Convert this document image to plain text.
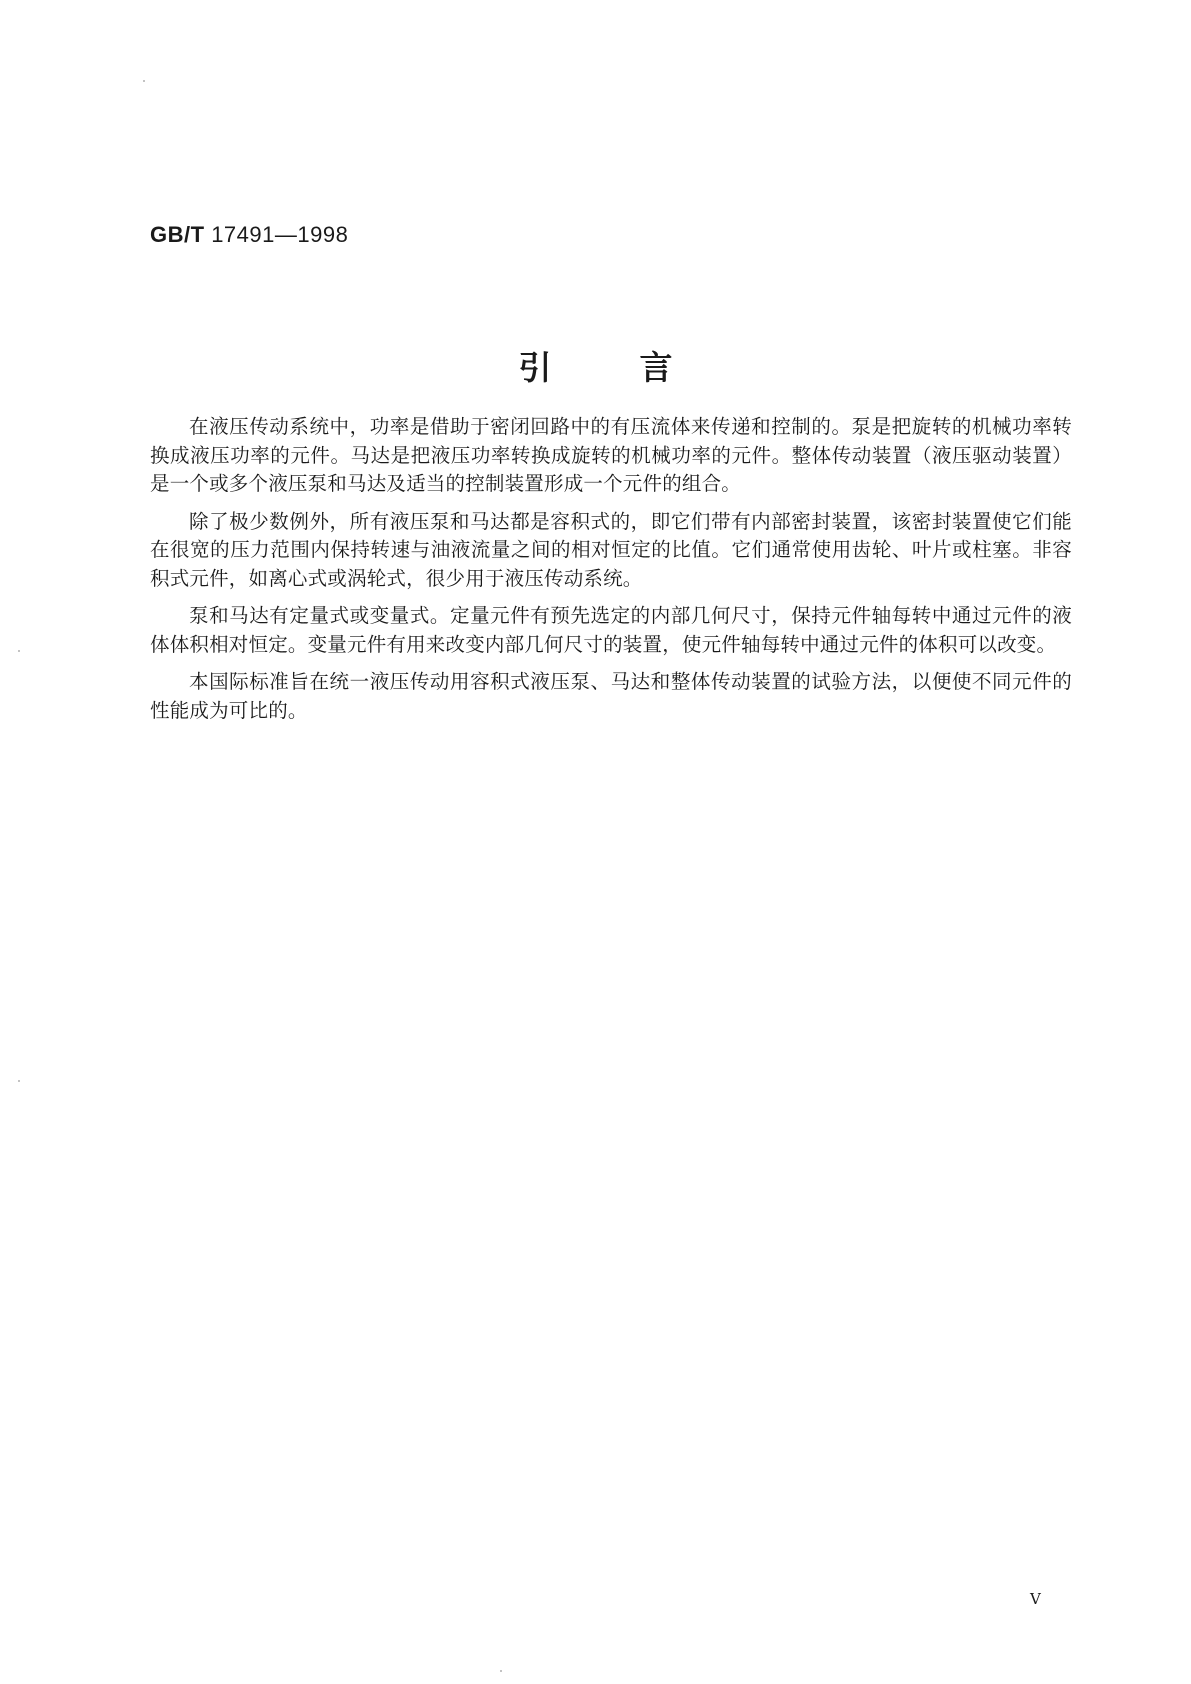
GB/T 17491—1998

引言

在液压传动系统中，功率是借助于密闭回路中的有压流体来传递和控制的。泵是把旋转的机械功率转换成液压功率的元件。马达是把液压功率转换成旋转的机械功率的元件。整体传动装置（液压驱动装置）是一个或多个液压泵和马达及适当的控制装置形成一个元件的组合。

除了极少数例外，所有液压泵和马达都是容积式的，即它们带有内部密封装置，该密封装置使它们能在很宽的压力范围内保持转速与油液流量之间的相对恒定的比值。它们通常使用齿轮、叶片或柱塞。非容积式元件，如离心式或涡轮式，很少用于液压传动系统。

泵和马达有定量式或变量式。定量元件有预先选定的内部几何尺寸，保持元件轴每转中通过元件的液体体积相对恒定。变量元件有用来改变内部几何尺寸的装置，使元件轴每转中通过元件的体积可以改变。

本国际标准旨在统一液压传动用容积式液压泵、马达和整体传动装置的试验方法，以便使不同元件的性能成为可比的。

V
